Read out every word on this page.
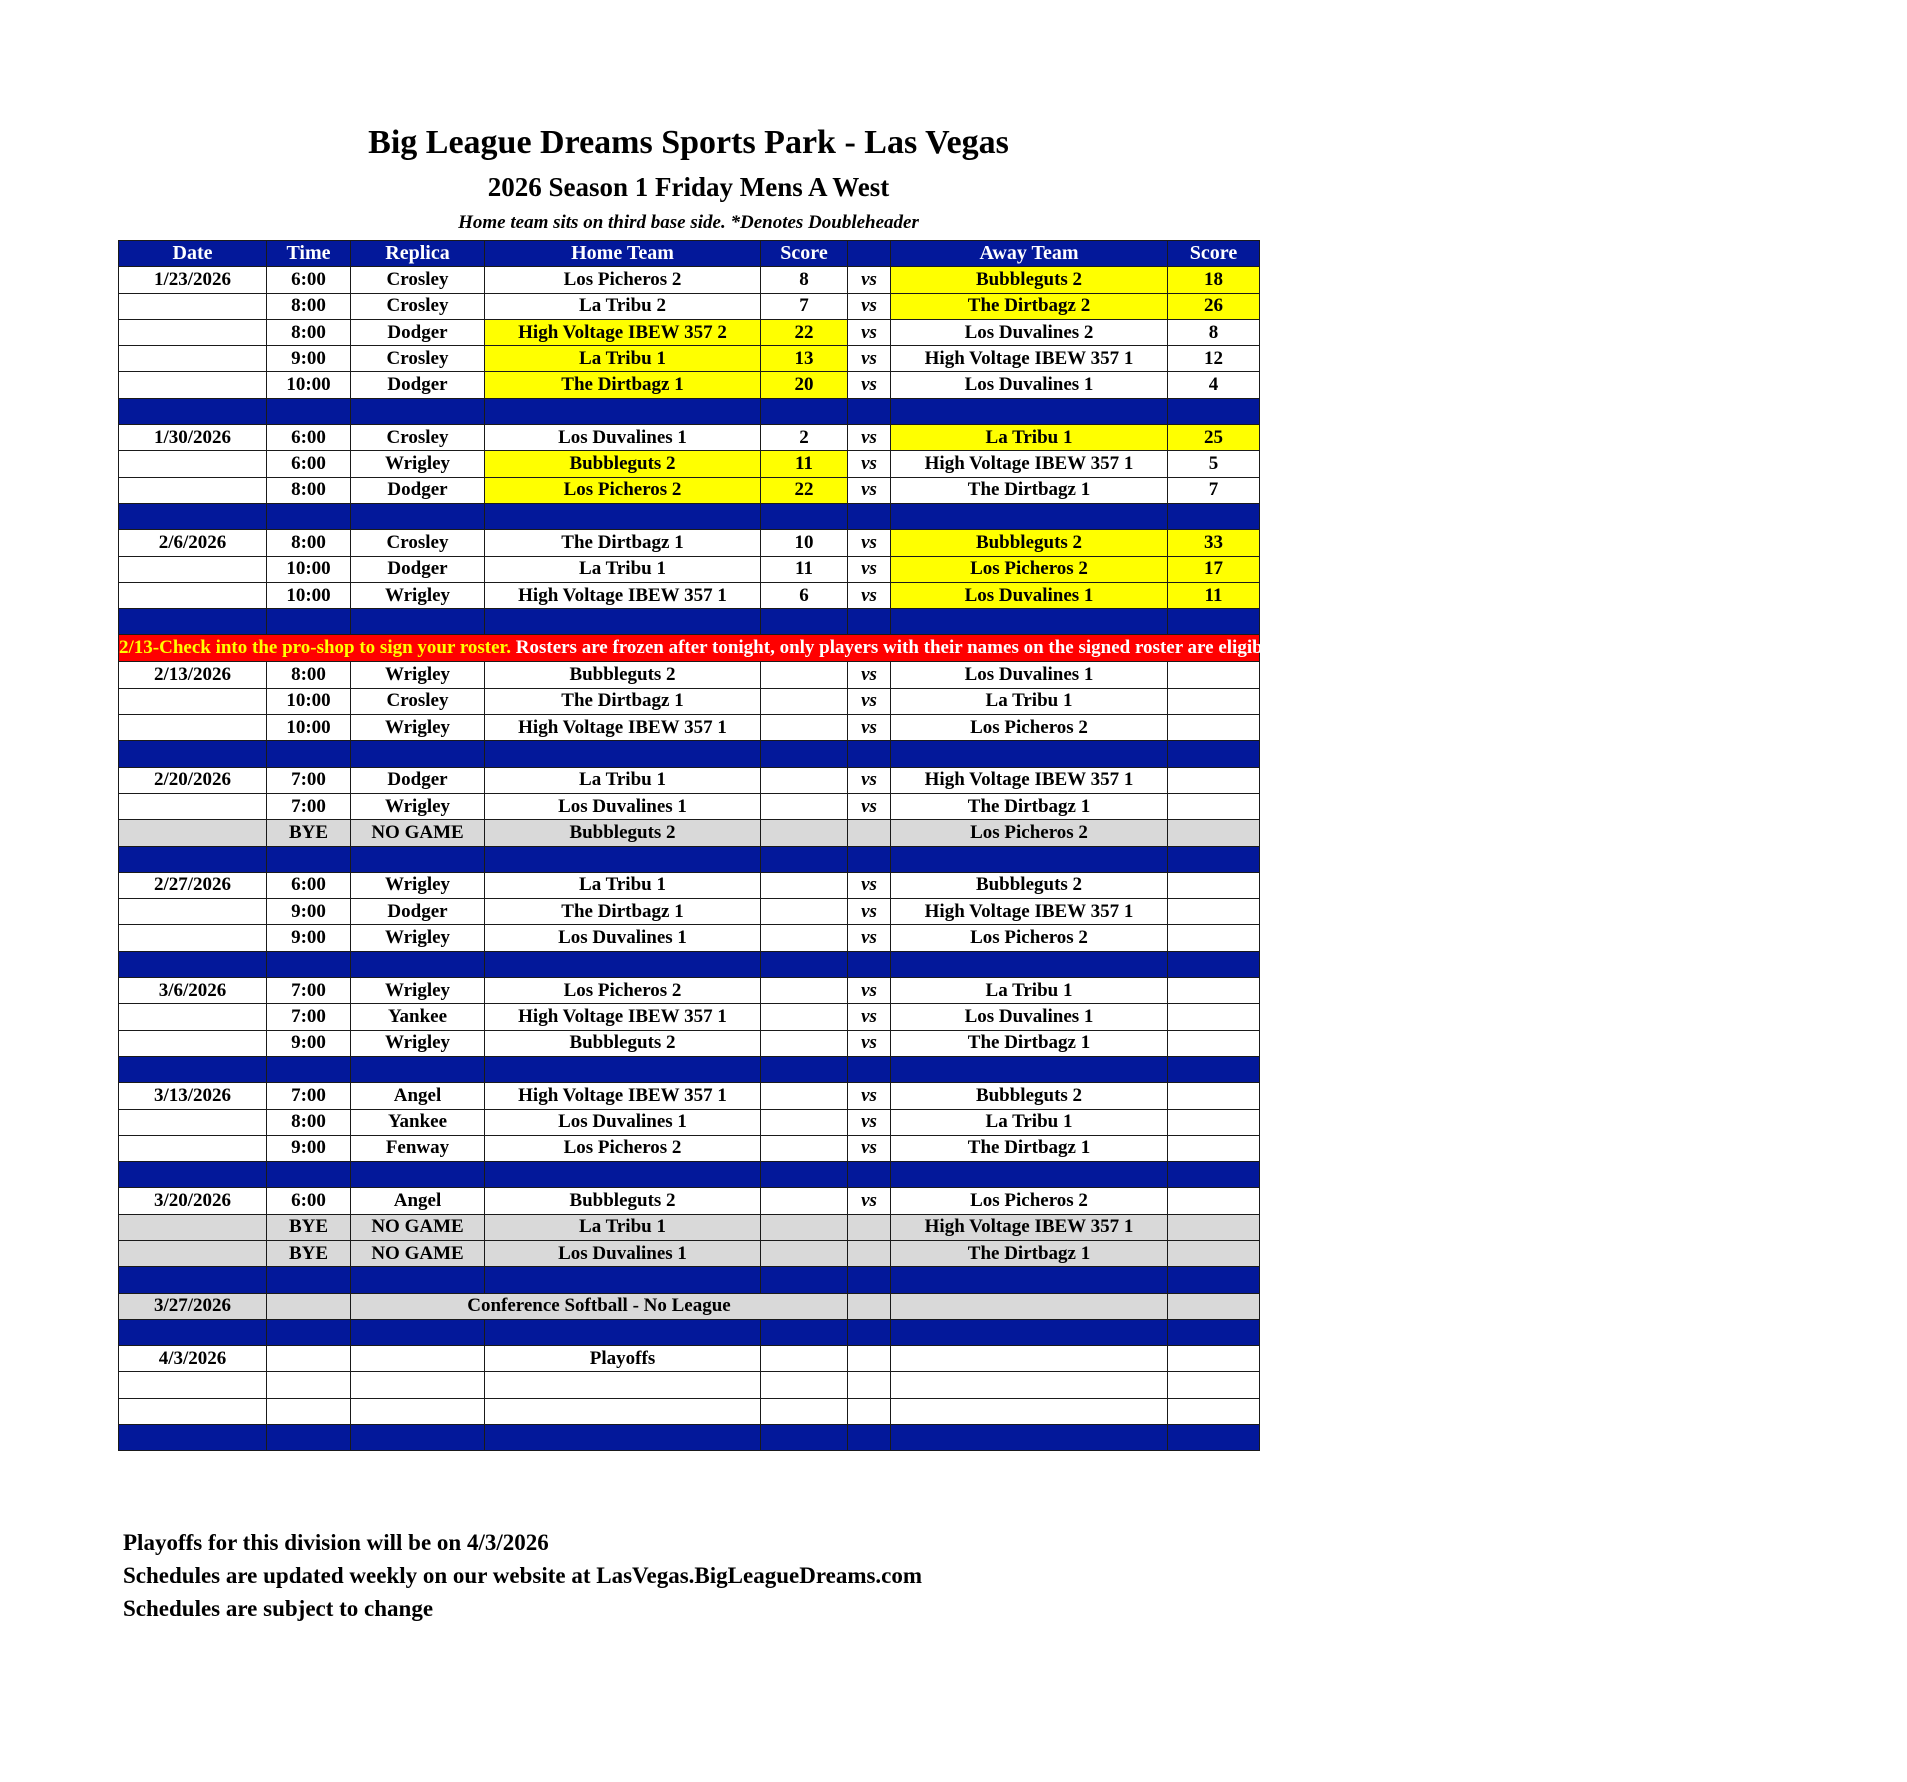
Big League Dreams Sports Park - Las Vegas
2026 Season 1 Friday Mens A West
Home team sits on third base side. *Denotes Doubleheader
Date	Time	Replica	Home Team	Score		Away Team	Score
1/23/2026	6:00	Crosley	Los Picheros 2	8	vs	Bubbleguts 2	18
	8:00	Crosley	La Tribu 2	7	vs	The Dirtbagz 2	26
	8:00	Dodger	High Voltage IBEW 357 2	22	vs	Los Duvalines 2	8
	9:00	Crosley	La Tribu 1	13	vs	High Voltage IBEW 357 1	12
	10:00	Dodger	The Dirtbagz 1	20	vs	Los Duvalines 1	4

1/30/2026	6:00	Crosley	Los Duvalines 1	2	vs	La Tribu 1	25
	6:00	Wrigley	Bubbleguts 2	11	vs	High Voltage IBEW 357 1	5
	8:00	Dodger	Los Picheros 2	22	vs	The Dirtbagz 1	7

2/6/2026	8:00	Crosley	The Dirtbagz 1	10	vs	Bubbleguts 2	33
	10:00	Dodger	La Tribu 1	11	vs	Los Picheros 2	17
	10:00	Wrigley	High Voltage IBEW 357 1	6	vs	Los Duvalines 1	11

2/13-Check into the pro-shop to sign your roster. Rosters are frozen after tonight, only players with their names on the signed roster are eligible for playoffs. Please check carefully as changes will not be made for omissions.							
2/13/2026	8:00	Wrigley	Bubbleguts 2		vs	Los Duvalines 1	
	10:00	Crosley	The Dirtbagz 1		vs	La Tribu 1	
	10:00	Wrigley	High Voltage IBEW 357 1		vs	Los Picheros 2	

2/20/2026	7:00	Dodger	La Tribu 1		vs	High Voltage IBEW 357 1	
	7:00	Wrigley	Los Duvalines 1		vs	The Dirtbagz 1	
	BYE	NO GAME	Bubbleguts 2			Los Picheros 2	

2/27/2026	6:00	Wrigley	La Tribu 1		vs	Bubbleguts 2	
	9:00	Dodger	The Dirtbagz 1		vs	High Voltage IBEW 357 1	
	9:00	Wrigley	Los Duvalines 1		vs	Los Picheros 2	

3/6/2026	7:00	Wrigley	Los Picheros 2		vs	La Tribu 1	
	7:00	Yankee	High Voltage IBEW 357 1		vs	Los Duvalines 1	
	9:00	Wrigley	Bubbleguts 2		vs	The Dirtbagz 1	

3/13/2026	7:00	Angel	High Voltage IBEW 357 1		vs	Bubbleguts 2	
	8:00	Yankee	Los Duvalines 1		vs	La Tribu 1	
	9:00	Fenway	Los Picheros 2		vs	The Dirtbagz 1	

3/20/2026	6:00	Angel	Bubbleguts 2		vs	Los Picheros 2	
	BYE	NO GAME	La Tribu 1			High Voltage IBEW 357 1	
	BYE	NO GAME	Los Duvalines 1			The Dirtbagz 1	

3/27/2026		Conference Softball - No League					

4/3/2026			Playoffs				

Playoffs for this division will be on 4/3/2026
Schedules are updated weekly on our website at LasVegas.BigLeagueDreams.com
Schedules are subject to change
